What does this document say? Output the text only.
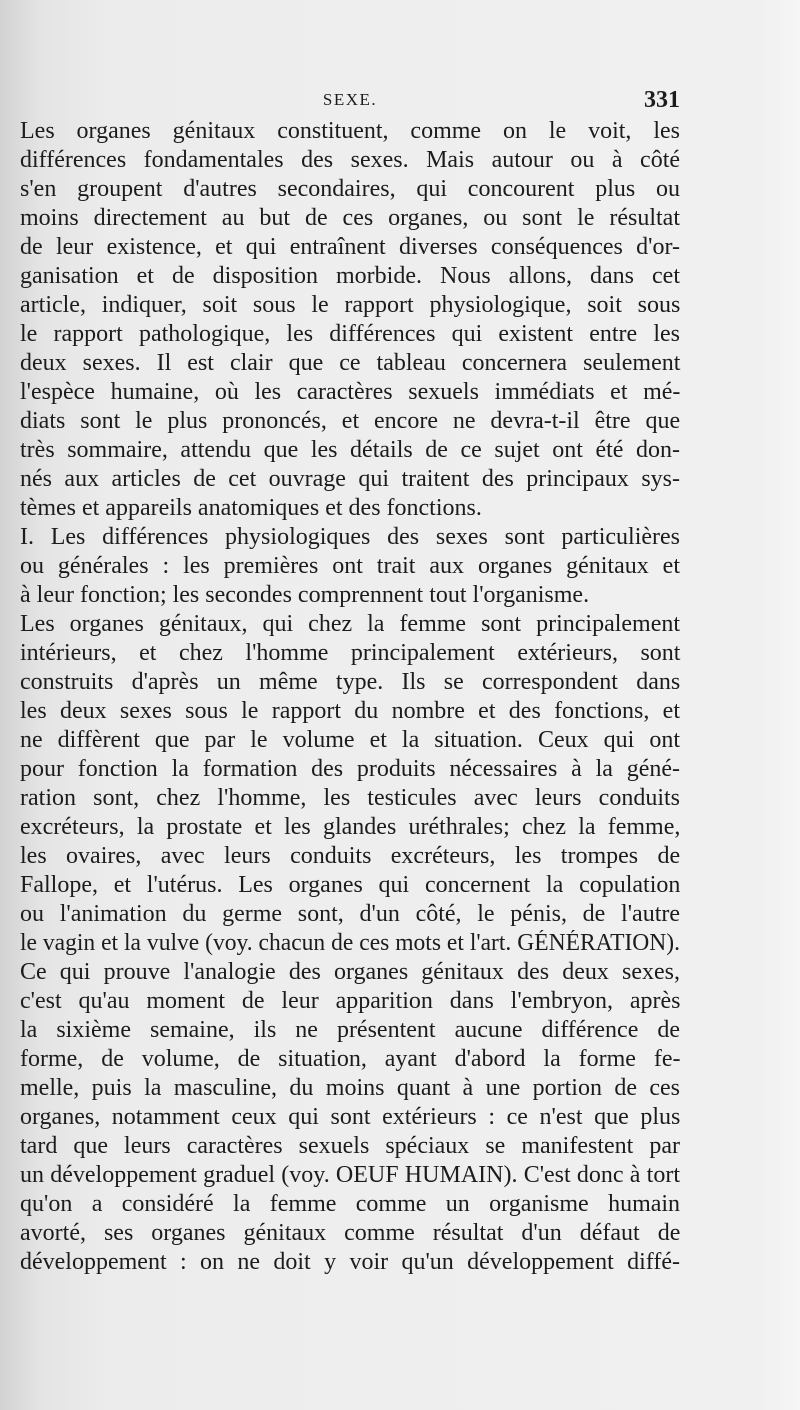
SEXE.	331
Les organes génitaux constituent, comme on le voit, les
différences fondamentales des sexes. Mais autour ou à côté
s'en groupent d'autres secondaires, qui concourent plus ou
moins directement au but de ces organes, ou sont le résultat
de leur existence, et qui entraînent diverses conséquences d'or-
ganisation et de disposition morbide. Nous allons, dans cet
article, indiquer, soit sous le rapport physiologique, soit sous
le rapport pathologique, les différences qui existent entre les
deux sexes. Il est clair que ce tableau concernera seulement
l'espèce humaine, où les caractères sexuels immédiats et mé-
diats sont le plus prononcés, et encore ne devra-t-il être que
très sommaire, attendu que les détails de ce sujet ont été don-
nés aux articles de cet ouvrage qui traitent des principaux sys-
tèmes et appareils anatomiques et des fonctions.
I. Les différences physiologiques des sexes sont particulières
ou générales : les premières ont trait aux organes génitaux et
à leur fonction; les secondes comprennent tout l'organisme.
Les organes génitaux, qui chez la femme sont principalement
intérieurs, et chez l'homme principalement extérieurs, sont
construits d'après un même type. Ils se correspondent dans
les deux sexes sous le rapport du nombre et des fonctions, et
ne diffèrent que par le volume et la situation. Ceux qui ont
pour fonction la formation des produits nécessaires à la géné-
ration sont, chez l'homme, les testicules avec leurs conduits
excréteurs, la prostate et les glandes uréthrales; chez la femme,
les ovaires, avec leurs conduits excréteurs, les trompes de
Fallope, et l'utérus. Les organes qui concernent la copulation
ou l'animation du germe sont, d'un côté, le pénis, de l'autre
le vagin et la vulve (voy. chacun de ces mots et l'art. GÉNÉRATION).
Ce qui prouve l'analogie des organes génitaux des deux sexes,
c'est qu'au moment de leur apparition dans l'embryon, après
la sixième semaine, ils ne présentent aucune différence de
forme, de volume, de situation, ayant d'abord la forme fe-
melle, puis la masculine, du moins quant à une portion de ces
organes, notamment ceux qui sont extérieurs : ce n'est que plus
tard que leurs caractères sexuels spéciaux se manifestent par
un développement graduel (voy. OEUF HUMAIN). C'est donc à tort
qu'on a considéré la femme comme un organisme humain
avorté, ses organes génitaux comme résultat d'un défaut de
développement : on ne doit y voir qu'un développement diffé-
